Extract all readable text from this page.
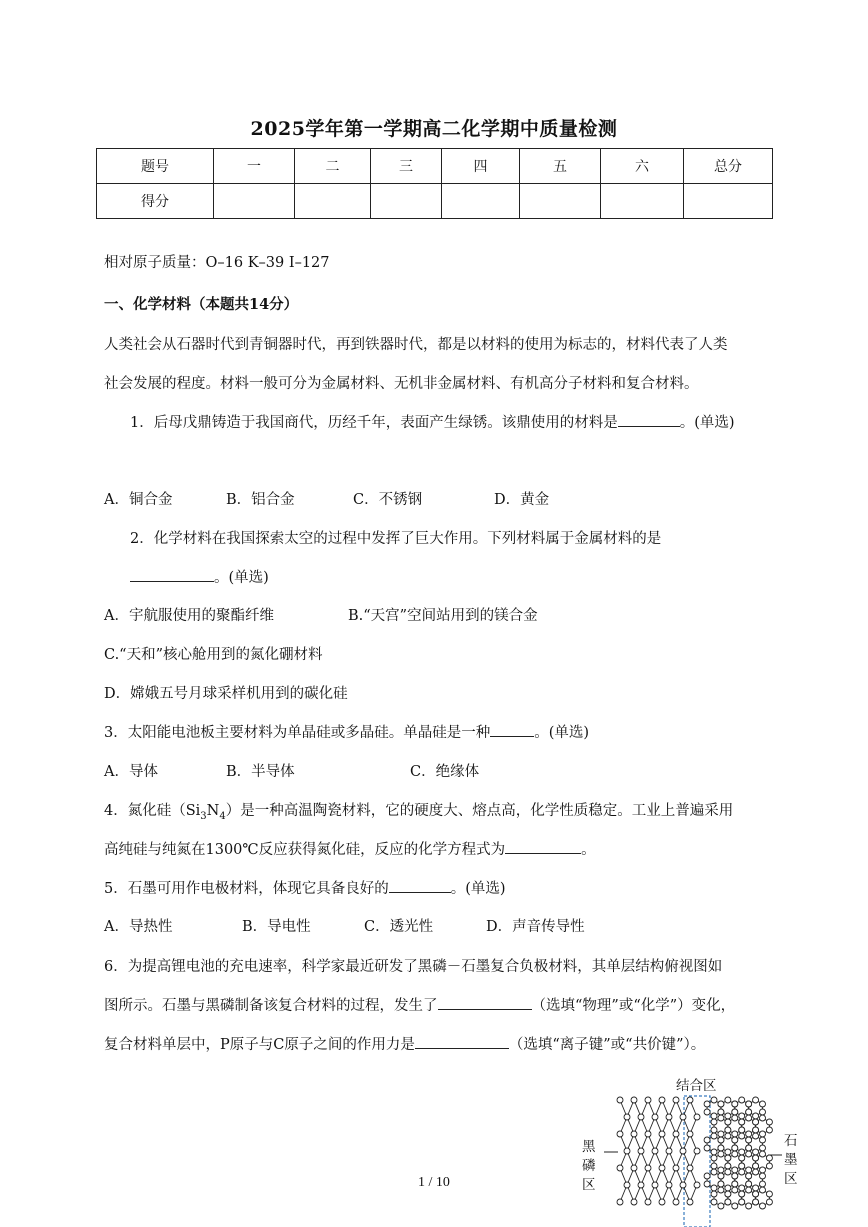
2025学年第一学期高二化学期中质量检测
题号	一	二	三	四	五	六	总分
得分							
相对原子质量：O–16 K–39 I–127
一、化学材料（本题共14分）
人类社会从石器时代到青铜器时代，再到铁器时代，都是以材料的使用为标志的，材料代表了人类
社会发展的程度。材料一般可分为金属材料、无机非金属材料、有机高分子材料和复合材料。
1．后母戊鼎铸造于我国商代，历经千年，表面产生绿锈。该鼎使用的材料是	。(单选)
A．铜合金	B．铝合金	C．不锈钢	D．黄金
2．化学材料在我国探索太空的过程中发挥了巨大作用。下列材料属于金属材料的是
。(单选)
A．宇航服使用的聚酯纤维	B.“天宫”空间站用到的镁合金
C.“天和”核心舱用到的氮化硼材料
D．嫦娥五号月球采样机用到的碳化硅
3．太阳能电池板主要材料为单晶硅或多晶硅。单晶硅是一种	。(单选)
A．导体	B．半导体	C．绝缘体
4．氮化硅$(Si_3N_4)$是一种高温陶瓷材料，它的硬度大、熔点高，化学性质稳定。工业上普遍采用
高纯硅与纯氮在1300℃反应获得氮化硅，反应的化学方程式为	。
5．石墨可用作电极材料，体现它具备良好的	。(单选)
A．导热性	B．导电性	C．透光性	D．声音传导性
6．为提高锂电池的充电速率，科学家最近研发了黑磷－石墨复合负极材料，其单层结构俯视图如
图所示。石墨与黑磷制备该复合材料的过程，发生了	（选填“物理”或“化学”）变化，
复合材料单层中，P原子与C原子之间的作用力是	（选填“离子键”或“共价键”）。
结合区
黑磷区
石墨区
1 / 10
